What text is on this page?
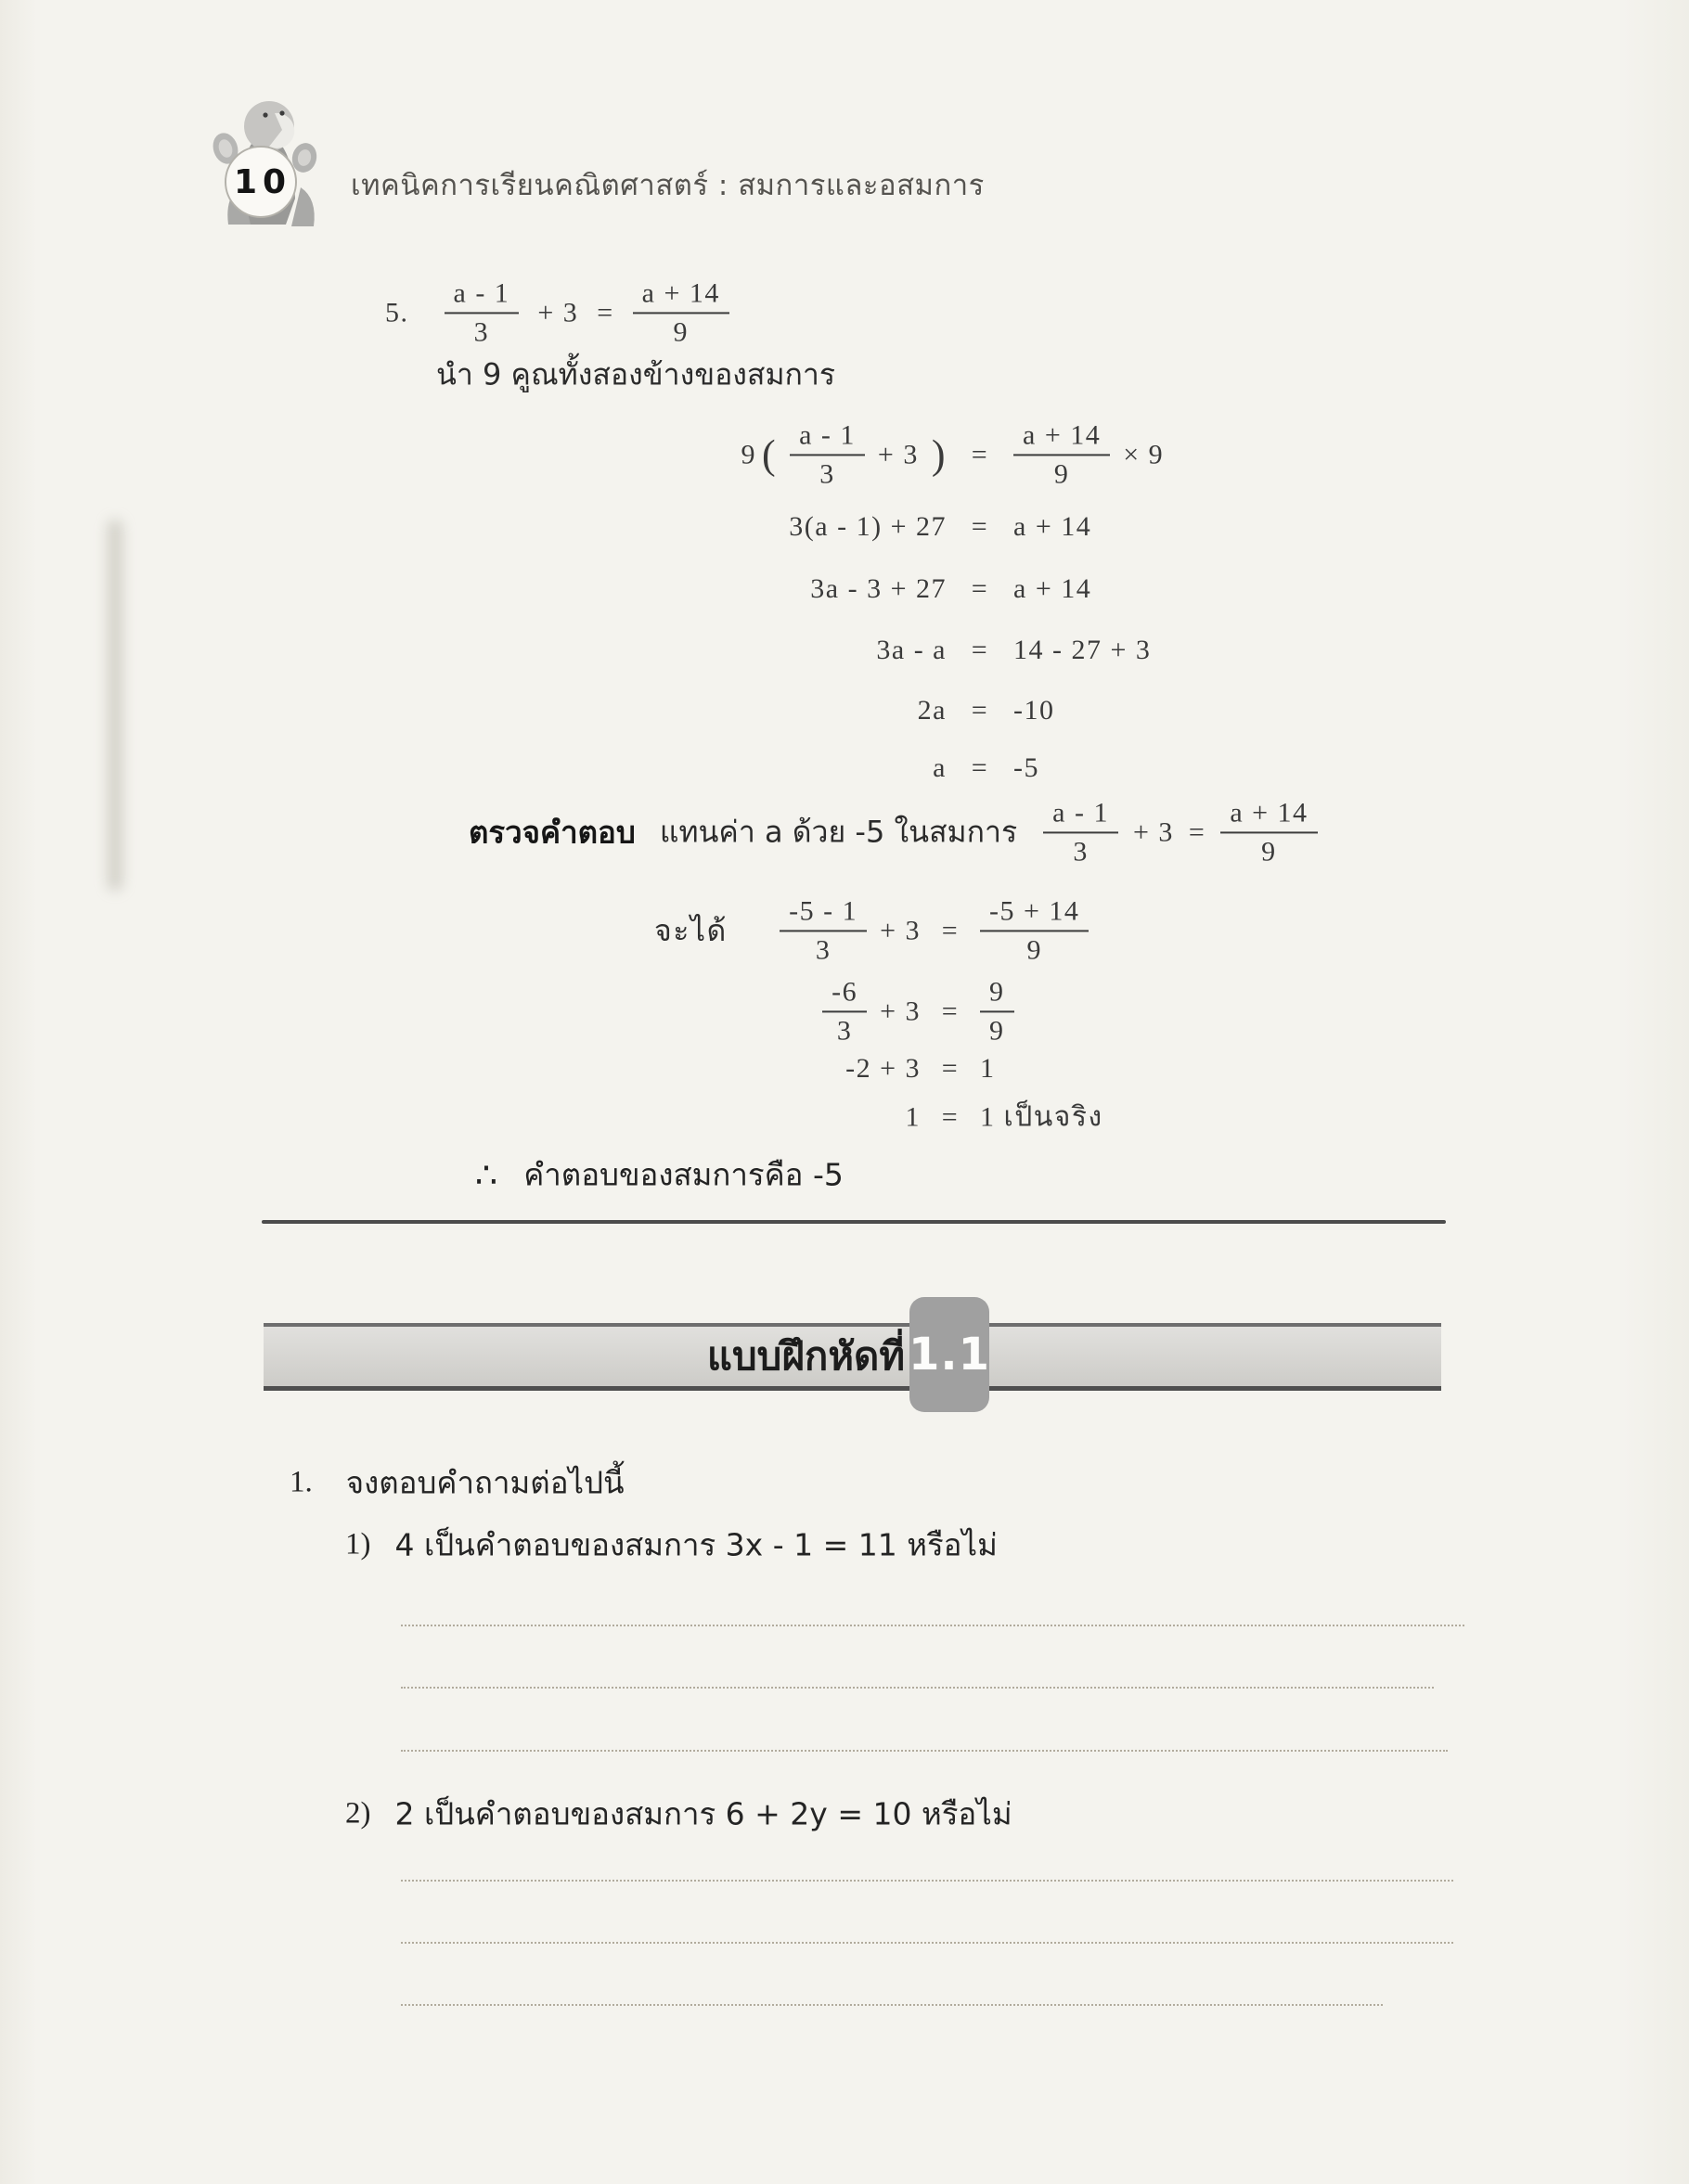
10 เทคนิคการเรียนคณิตศาสตร์ : สมการและอสมการ
5. $\frac{a - 1}{3} + 3 = \frac{a + 14}{9}$
นำ 9 คูณทั้งสองข้างของสมการ
9 ( $\frac{a - 1}{3} + 3$ ) = $\frac{a + 14}{9} \times 9$
3(a - 1) + 27 = a + 14
3a - 3 + 27 = a + 14
3a - a = 14 - 27 + 3
2a = -10
a = -5
ตรวจคำตอบ แทนค่า a ด้วย -5 ในสมการ $\frac{a - 1}{3} + 3 = \frac{a + 14}{9}$
จะได้ $\frac{-5 - 1}{3} + 3 = \frac{-5 + 14}{9}$
$\frac{-6}{3} + 3 = \frac{9}{9}$
-2 + 3 = 1
1 = 1 เป็นจริง
∴ คำตอบของสมการคือ -5
แบบฝึกหัดที่ 1.1
1. จงตอบคำถามต่อไปนี้
1) 4 เป็นคำตอบของสมการ 3x - 1 = 11 หรือไม่
2) 2 เป็นคำตอบของสมการ 6 + 2y = 10 หรือไม่
